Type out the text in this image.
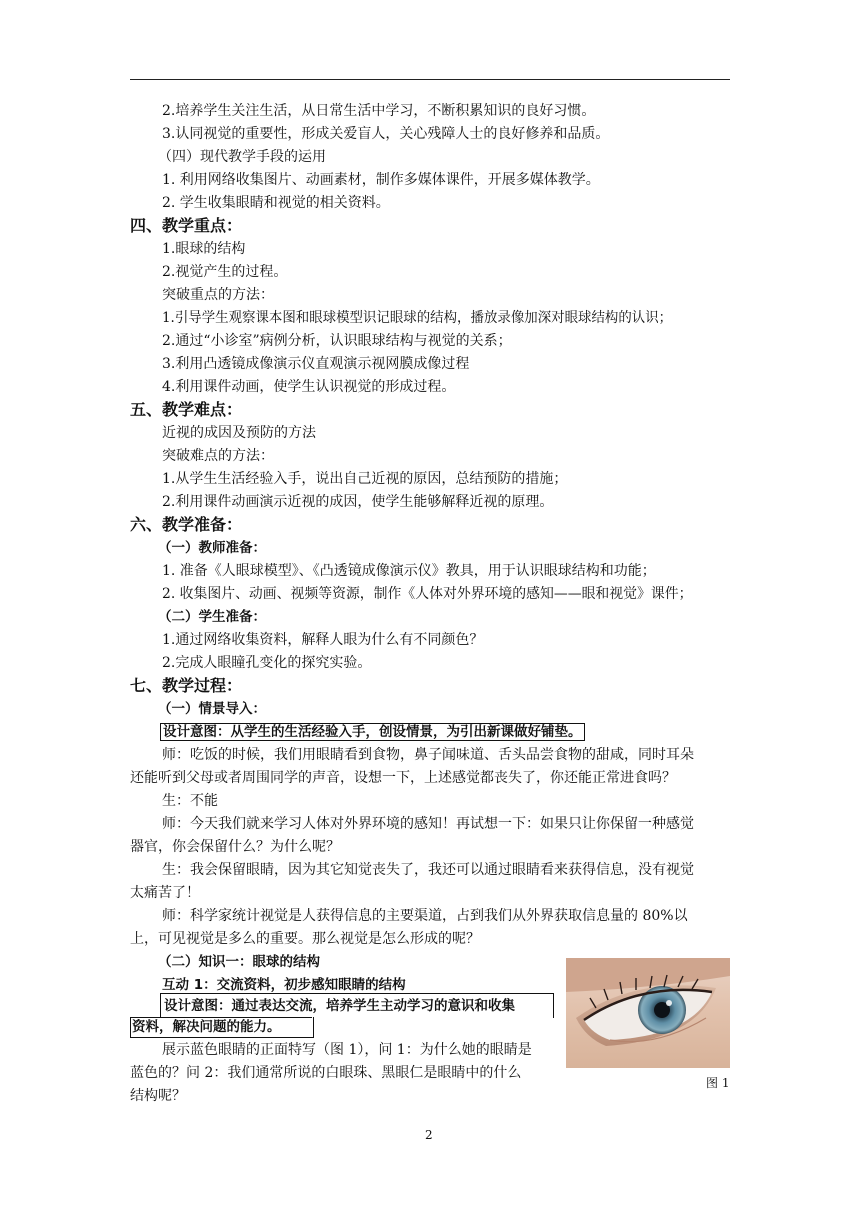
2.培养学生关注生活，从日常生活中学习，不断积累知识的良好习惯。
3.认同视觉的重要性，形成关爱盲人，关心残障人士的良好修养和品质。
（四）现代教学手段的运用
1. 利用网络收集图片、动画素材，制作多媒体课件，开展多媒体教学。
2. 学生收集眼睛和视觉的相关资料。
四、教学重点：
1.眼球的结构
2.视觉产生的过程。
突破重点的方法：
1.引导学生观察课本图和眼球模型识记眼球的结构，播放录像加深对眼球结构的认识；
2.通过“小诊室”病例分析，认识眼球结构与视觉的关系；
3.利用凸透镜成像演示仪直观演示视网膜成像过程
4.利用课件动画，使学生认识视觉的形成过程。
五、教学难点：
近视的成因及预防的方法
突破难点的方法：
1.从学生生活经验入手，说出自己近视的原因，总结预防的措施；
2.利用课件动画演示近视的成因，使学生能够解释近视的原理。
六、教学准备：
（一）教师准备：
1. 准备《人眼球模型》、《凸透镜成像演示仪》教具，用于认识眼球结构和功能；
2. 收集图片、动画、视频等资源，制作《人体对外界环境的感知——眼和视觉》课件；
（二）学生准备：
1.通过网络收集资料，解释人眼为什么有不同颜色？
2.完成人眼瞳孔变化的探究实验。
七、教学过程：
（一）情景导入：
设计意图：从学生的生活经验入手，创设情景，为引出新课做好铺垫。
师：吃饭的时候，我们用眼睛看到食物，鼻子闻味道、舌头品尝食物的甜咸，同时耳朵
还能听到父母或者周围同学的声音，设想一下，上述感觉都丧失了，你还能正常进食吗？
生：不能
师：今天我们就来学习人体对外界环境的感知！再试想一下：如果只让你保留一种感觉
器官，你会保留什么？为什么呢？
生：我会保留眼睛，因为其它知觉丧失了，我还可以通过眼睛看来获得信息，没有视觉
太痛苦了！
师：科学家统计视觉是人获得信息的主要渠道，占到我们从外界获取信息量的 80%以
上，可见视觉是多么的重要。那么视觉是怎么形成的呢？
（二）知识一：眼球的结构
互动 1：交流资料，初步感知眼睛的结构
设计意图：通过表达交流，培养学生主动学习的意识和收集
资料，解决问题的能力。
展示蓝色眼睛的正面特写（图 1），问 1：为什么她的眼睛是
蓝色的？问 2：我们通常所说的白眼珠、黑眼仁是眼睛中的什么
结构呢？
图 1
2
